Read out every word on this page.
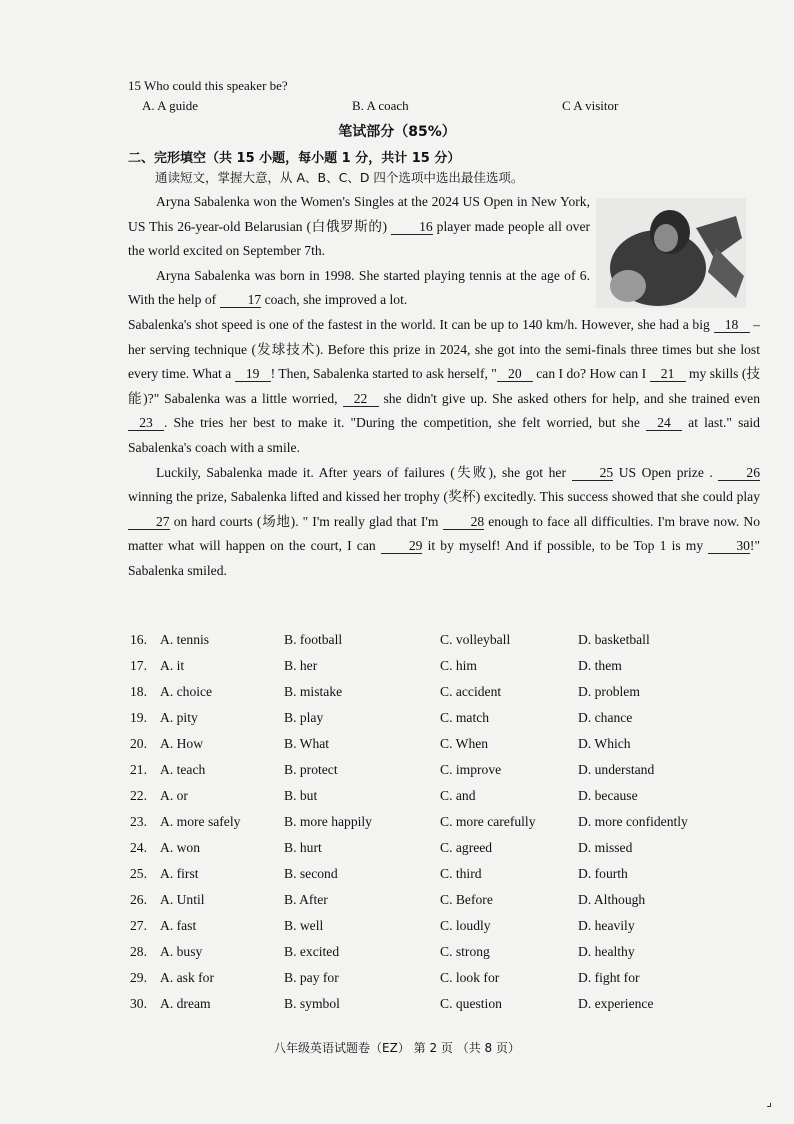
15 Who could this speaker be?
A. A guide	B. A coach	C A visitor
笔试部分（85%）
二、完形填空（共 15 小题，每小题 1 分，共计 15 分）
通读短文，掌握大意，从 A、B、C、D 四个选项中选出最佳选项。

Aryna Sabalenka won the Women's Singles at the 2024 US Open in New York, US This 26-year-old Belarusian (白俄罗斯的) 16 player made people all over the world excited on September 7th.

Aryna Sabalenka was born in 1998. She started playing tennis at the age of 6. With the help of 17 coach, she improved a lot.

Sabalenka's shot speed is one of the fastest in the world. It can be up to 140 km/h. However, she had a big 18 – her serving technique (发球技术). Before this prize in 2024, she got into the semi-finals three times but she lost every time. What a 19 ! Then, Sabalenka started to ask herself, " 20 can I do? How can I 21 my skills (技能)?" Sabalenka was a little worried, 22 she didn't give up. She asked others for help, and she trained even 23 . She tries her best to make it. "During the competition, she felt worried, but she 24 at last." said Sabalenka's coach with a smile.

Luckily, Sabalenka made it. After years of failures (失败), she got her 25 US Open prize . 26 winning the prize, Sabalenka lifted and kissed her trophy (奖杯) excitedly. This success showed that she could play 27 on hard courts (场地). " I'm really glad that I'm 28 enough to face all difficulties. I'm brave now. No matter what will happen on the court, I can 29 it by myself! And if possible, to be Top 1 is my 30!" Sabalenka smiled.

16. A. tennis	B. football	C. volleyball	D. basketball
17. A. it	B. her	C. him	D. them
18. A. choice	B. mistake	C. accident	D. problem
19. A. pity	B. play	C. match	D. chance
20. A. How	B. What	C. When	D. Which
21. A. teach	B. protect	C. improve	D. understand
22. A. or	B. but	C. and	D. because
23. A. more safely	B. more happily	C. more carefully	D. more confidently
24. A. won	B. hurt	C. agreed	D. missed
25. A. first	B. second	C. third	D. fourth
26. A. Until	B. After	C. Before	D. Although
27. A. fast	B. well	C. loudly	D. heavily
28. A. busy	B. excited	C. strong	D. healthy
29. A. ask for	B. pay for	C. look for	D. fight for
30. A. dream	B. symbol	C. question	D. experience
八年级英语试题卷（EZ） 第 2 页 （共 8 页）
⌟
